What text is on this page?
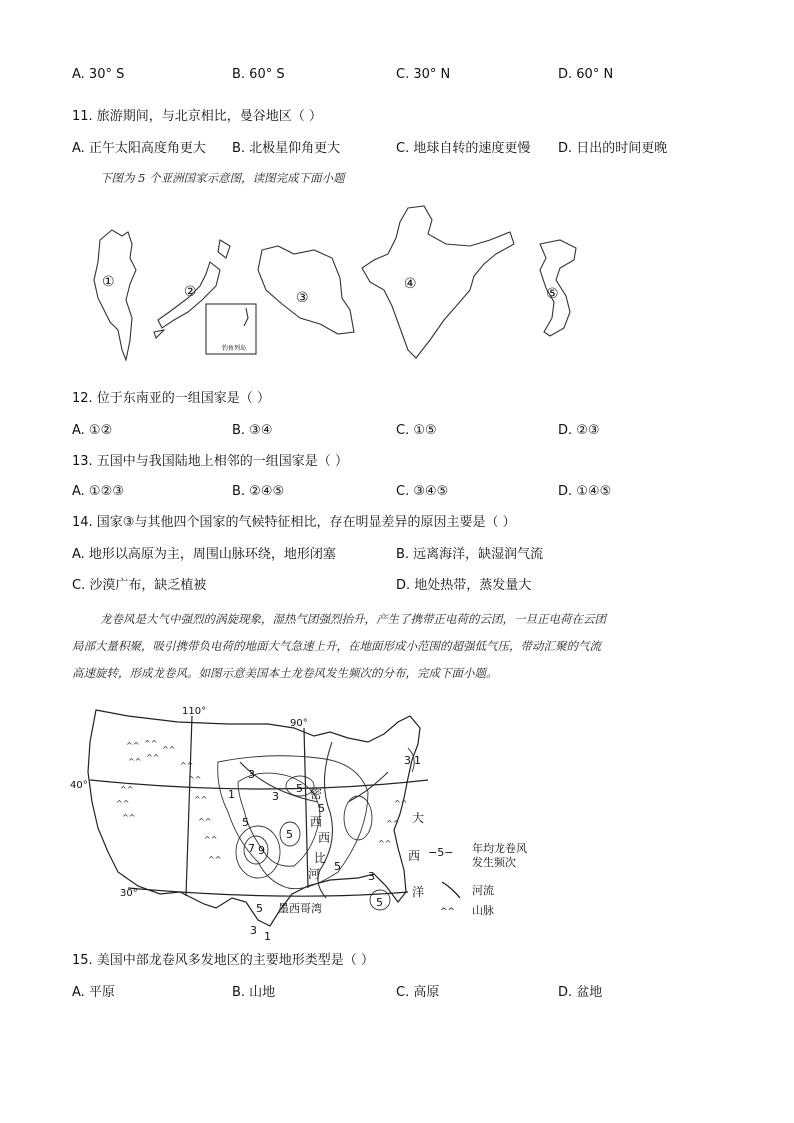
A. 30° S	B. 60° S	C. 30° N	D. 60° N
11. 旅游期间，与北京相比，曼谷地区（ ）
A. 正午太阳高度角更大 B. 北极星仰角更大	C. 地球自转的速度更慢 D. 日出的时间更晚
下图为 5 个亚洲国家示意图，读图完成下面小题
钓鱼列岛
①
②	③
④
⑤
12. 位于东南亚的一组国家是（ ）
A. ①②	B. ③④	C. ①⑤	D. ②③
13. 五国中与我国陆地上相邻的一组国家是（ ）
A. ①②③	B. ②④⑤	C. ③④⑤	D. ①④⑤
14. 国家③与其他四个国家的气候特征相比，存在明显差异的原因主要是（ ）
A. 地形以高原为主，周围山脉环绕，地形闭塞	B. 远离海洋，缺湿润气流
C. 沙漠广布，缺乏植被	D. 地处热带，蒸发量大
龙卷风是大气中强烈的涡旋现象，湿热气团强烈抬升，产生了携带正电荷的云团，一旦正电荷在云团
局部大量积聚，吸引携带负电荷的地面大气急速上升，在地面形成小范围的超强低气压，带动汇聚的气流
高速旋转，形成龙卷风。如图示意美国本土龙卷风发生频次的分布，完成下面小题。
^^ ^^
^^
^^ ^^
^^
^^
^^
^^
^^
^^
^^
^^
^^
^^
^^
^^
1
3
5
7 9
5
5
3
5
5
3 1
3 1
5
5
3
密
西
西
比
河
大
西
洋
墨西哥湾
110°
90°
40°
30°
−5− 年均龙卷风
发生频次
河流
^^ 山脉
15. 美国中部龙卷风多发地区的主要地形类型是（ ）
A. 平原	B. 山地	C. 高原	D. 盆地
